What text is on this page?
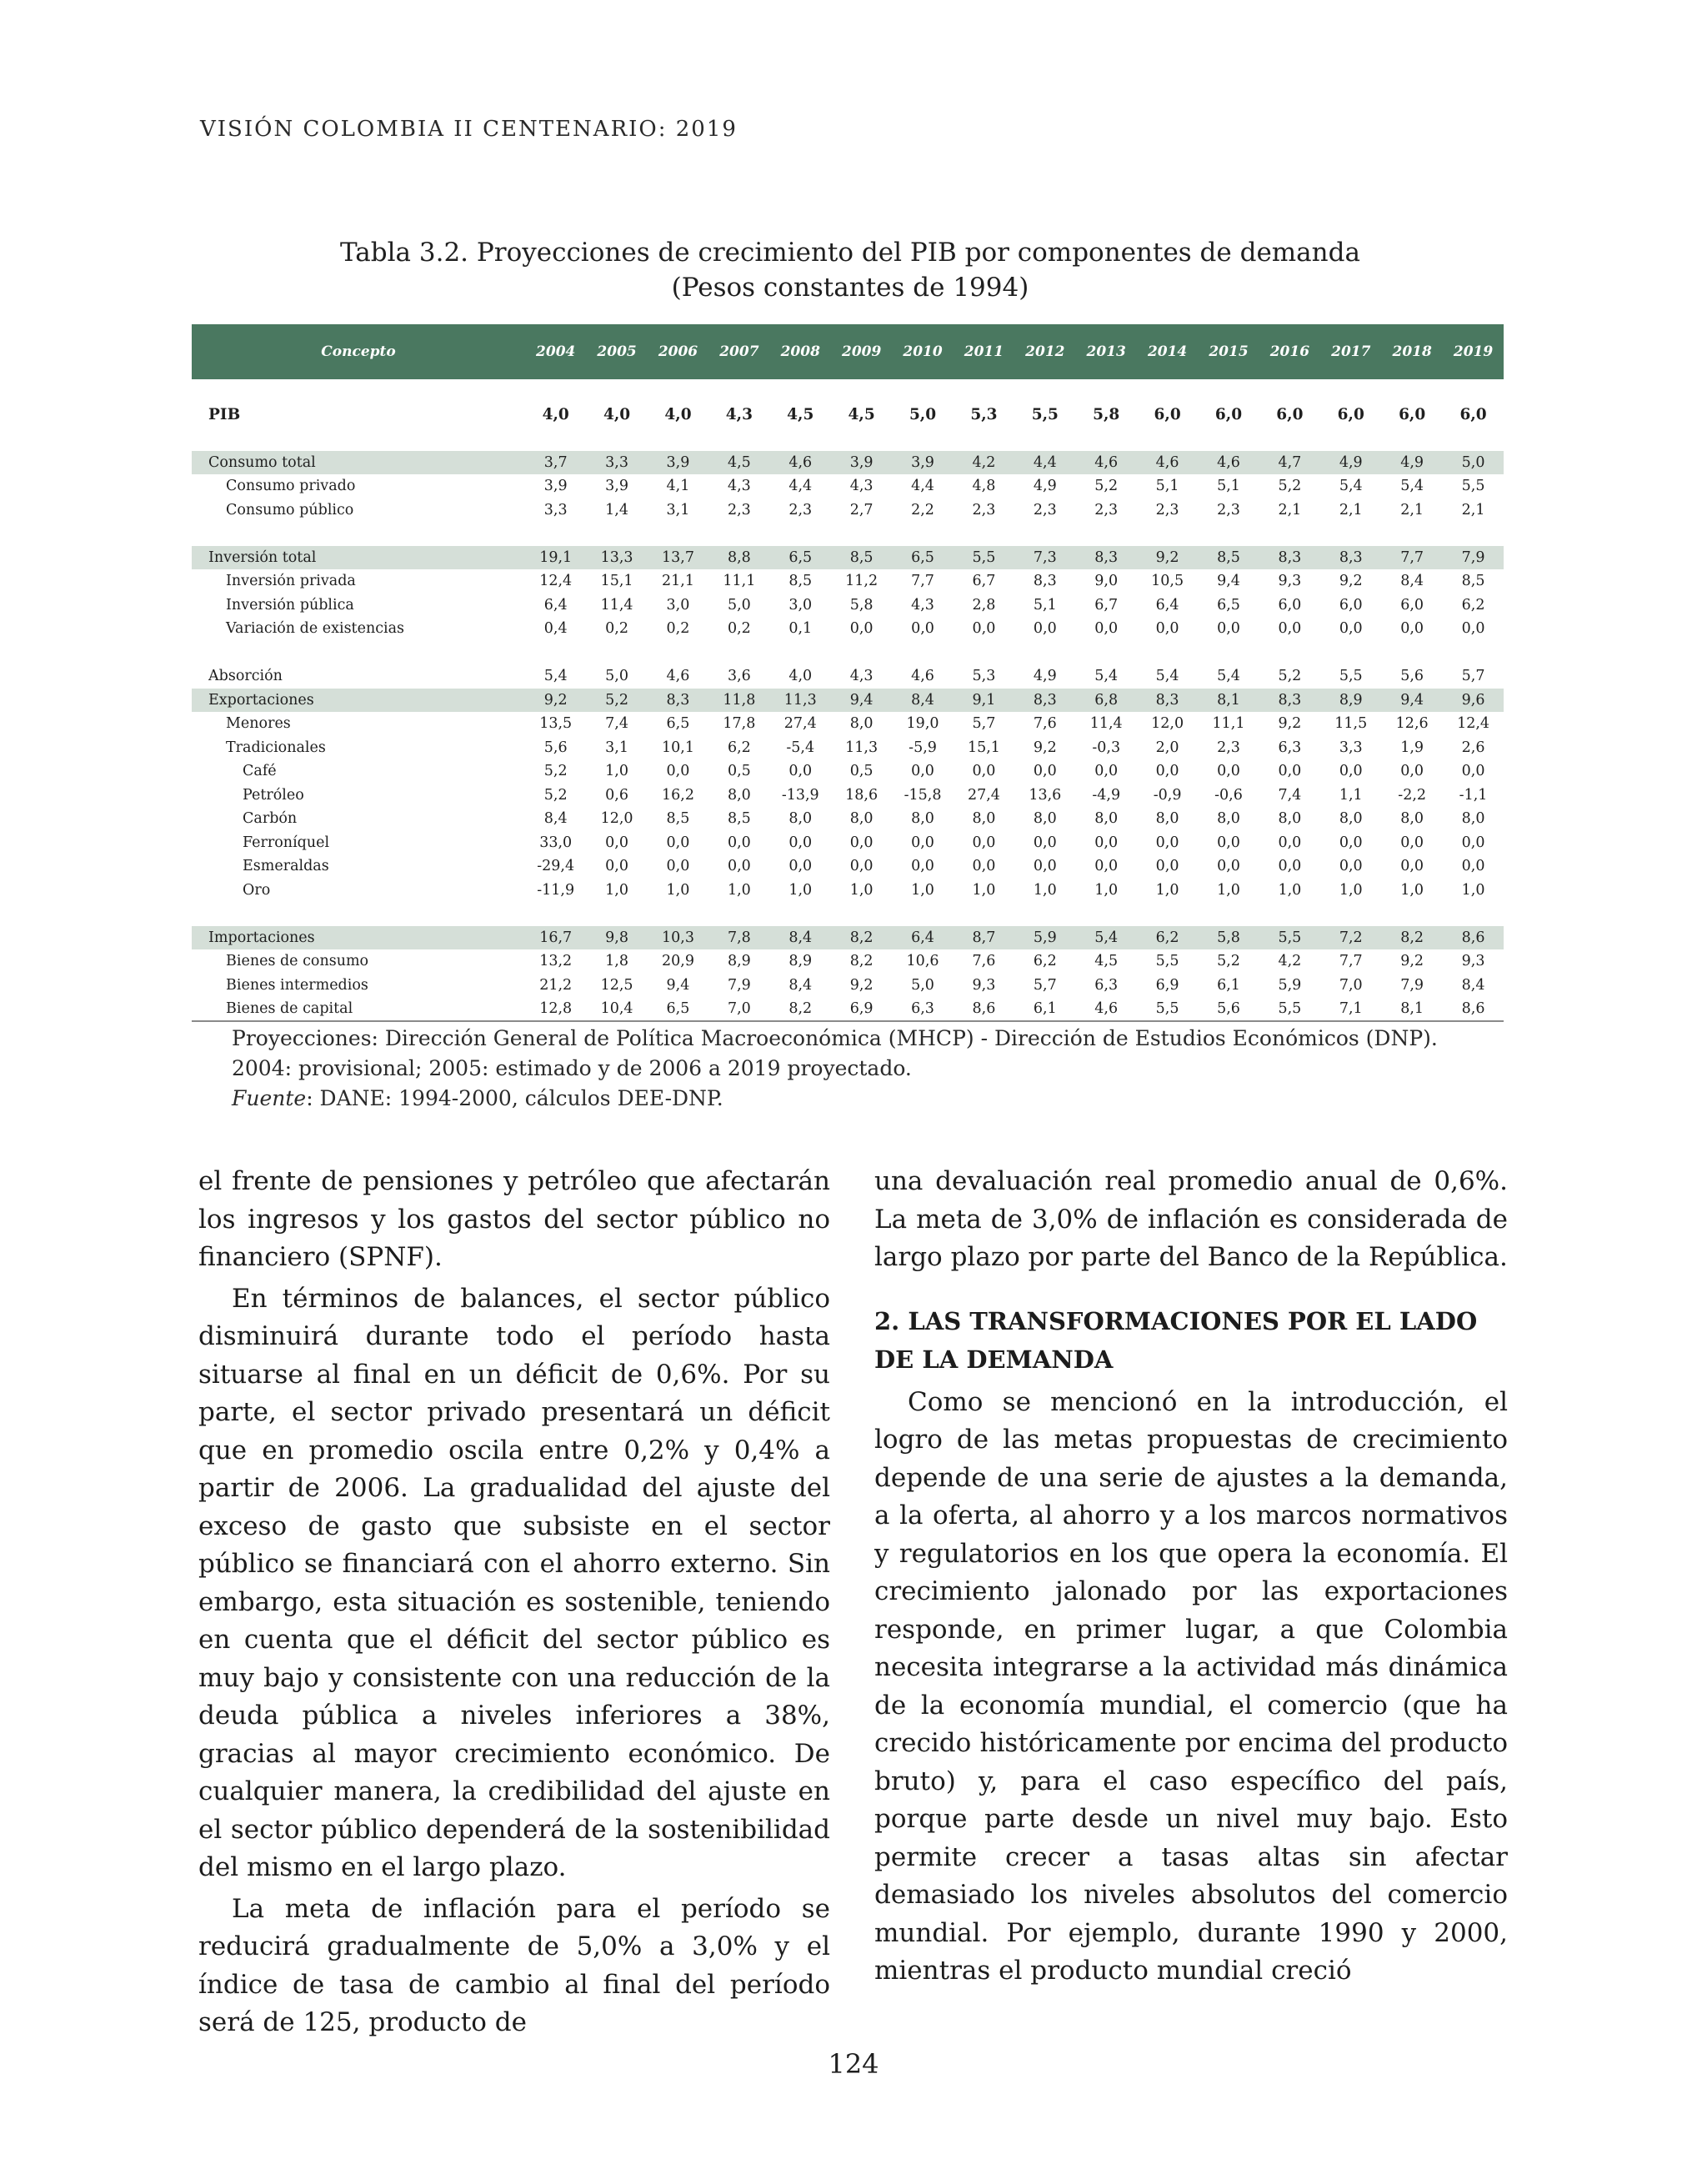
VISIÓN COLOMBIA II CENTENARIO: 2019
Tabla 3.2. Proyecciones de crecimiento del PIB por componentes de demanda
(Pesos constantes de 1994)
Concepto	2004	2005	2006	2007	2008	2009	2010	2011	2012	2013	2014	2015	2016	2017	2018	2019

PIB	4,0	4,0	4,0	4,3	4,5	4,5	5,0	5,3	5,5	5,8	6,0	6,0	6,0	6,0	6,0	6,0

Consumo total	3,7	3,3	3,9	4,5	4,6	3,9	3,9	4,2	4,4	4,6	4,6	4,6	4,7	4,9	4,9	5,0
Consumo privado	3,9	3,9	4,1	4,3	4,4	4,3	4,4	4,8	4,9	5,2	5,1	5,1	5,2	5,4	5,4	5,5
Consumo público	3,3	1,4	3,1	2,3	2,3	2,7	2,2	2,3	2,3	2,3	2,3	2,3	2,1	2,1	2,1	2,1

Inversión total	19,1	13,3	13,7	8,8	6,5	8,5	6,5	5,5	7,3	8,3	9,2	8,5	8,3	8,3	7,7	7,9
Inversión privada	12,4	15,1	21,1	11,1	8,5	11,2	7,7	6,7	8,3	9,0	10,5	9,4	9,3	9,2	8,4	8,5
Inversión pública	6,4	11,4	3,0	5,0	3,0	5,8	4,3	2,8	5,1	6,7	6,4	6,5	6,0	6,0	6,0	6,2
Variación de existencias	0,4	0,2	0,2	0,2	0,1	0,0	0,0	0,0	0,0	0,0	0,0	0,0	0,0	0,0	0,0	0,0

Absorción	5,4	5,0	4,6	3,6	4,0	4,3	4,6	5,3	4,9	5,4	5,4	5,4	5,2	5,5	5,6	5,7
Exportaciones	9,2	5,2	8,3	11,8	11,3	9,4	8,4	9,1	8,3	6,8	8,3	8,1	8,3	8,9	9,4	9,6
Menores	13,5	7,4	6,5	17,8	27,4	8,0	19,0	5,7	7,6	11,4	12,0	11,1	9,2	11,5	12,6	12,4
Tradicionales	5,6	3,1	10,1	6,2	-5,4	11,3	-5,9	15,1	9,2	-0,3	2,0	2,3	6,3	3,3	1,9	2,6
Café	5,2	1,0	0,0	0,5	0,0	0,5	0,0	0,0	0,0	0,0	0,0	0,0	0,0	0,0	0,0	0,0
Petróleo	5,2	0,6	16,2	8,0	-13,9	18,6	-15,8	27,4	13,6	-4,9	-0,9	-0,6	7,4	1,1	-2,2	-1,1
Carbón	8,4	12,0	8,5	8,5	8,0	8,0	8,0	8,0	8,0	8,0	8,0	8,0	8,0	8,0	8,0	8,0
Ferroníquel	33,0	0,0	0,0	0,0	0,0	0,0	0,0	0,0	0,0	0,0	0,0	0,0	0,0	0,0	0,0	0,0
Esmeraldas	-29,4	0,0	0,0	0,0	0,0	0,0	0,0	0,0	0,0	0,0	0,0	0,0	0,0	0,0	0,0	0,0
Oro	-11,9	1,0	1,0	1,0	1,0	1,0	1,0	1,0	1,0	1,0	1,0	1,0	1,0	1,0	1,0	1,0

Importaciones	16,7	9,8	10,3	7,8	8,4	8,2	6,4	8,7	5,9	5,4	6,2	5,8	5,5	7,2	8,2	8,6
Bienes de consumo	13,2	1,8	20,9	8,9	8,9	8,2	10,6	7,6	6,2	4,5	5,5	5,2	4,2	7,7	9,2	9,3
Bienes intermedios	21,2	12,5	9,4	7,9	8,4	9,2	5,0	9,3	5,7	6,3	6,9	6,1	5,9	7,0	7,9	8,4
Bienes de capital	12,8	10,4	6,5	7,0	8,2	6,9	6,3	8,6	6,1	4,6	5,5	5,6	5,5	7,1	8,1	8,6
Proyecciones: Dirección General de Política Macroeconómica (MHCP) - Dirección de Estudios Económicos (DNP).
2004: provisional; 2005: estimado y de 2006 a 2019 proyectado.
Fuente: DANE: 1994-2000, cálculos DEE-DNP.

el frente de pensiones y petróleo que afectarán los ingresos y los gastos del sector público no financiero (SPNF).

En términos de balances, el sector público disminuirá durante todo el período hasta situarse al final en un déficit de 0,6%. Por su parte, el sector privado presentará un déficit que en promedio oscila entre 0,2% y 0,4% a partir de 2006. La gradualidad del ajuste del exceso de gasto que subsiste en el sector público se financiará con el ahorro externo. Sin embargo, esta situación es sostenible, teniendo en cuenta que el déficit del sector público es muy bajo y consistente con una reducción de la deuda pública a niveles inferiores a 38%, gracias al mayor crecimiento económico. De cualquier manera, la credibilidad del ajuste en el sector público dependerá de la sostenibilidad del mismo en el largo plazo.

La meta de inflación para el período se reducirá gradualmente de 5,0% a 3,0% y el índice de tasa de cambio al final del período será de 125, producto de

una devaluación real promedio anual de 0,6%. La meta de 3,0% de inflación es considerada de largo plazo por parte del Banco de la República.

2. LAS TRANSFORMACIONES POR EL LADO DE LA DEMANDA

Como se mencionó en la introducción, el logro de las metas propuestas de crecimiento depende de una serie de ajustes a la demanda, a la oferta, al ahorro y a los marcos normativos y regulatorios en los que opera la economía. El crecimiento jalonado por las exportaciones responde, en primer lugar, a que Colombia necesita integrarse a la actividad más dinámica de la economía mundial, el comercio (que ha crecido históricamente por encima del producto bruto) y, para el caso específico del país, porque parte desde un nivel muy bajo. Esto permite crecer a tasas altas sin afectar demasiado los niveles absolutos del comercio mundial. Por ejemplo, durante 1990 y 2000, mientras el producto mundial creció

124
